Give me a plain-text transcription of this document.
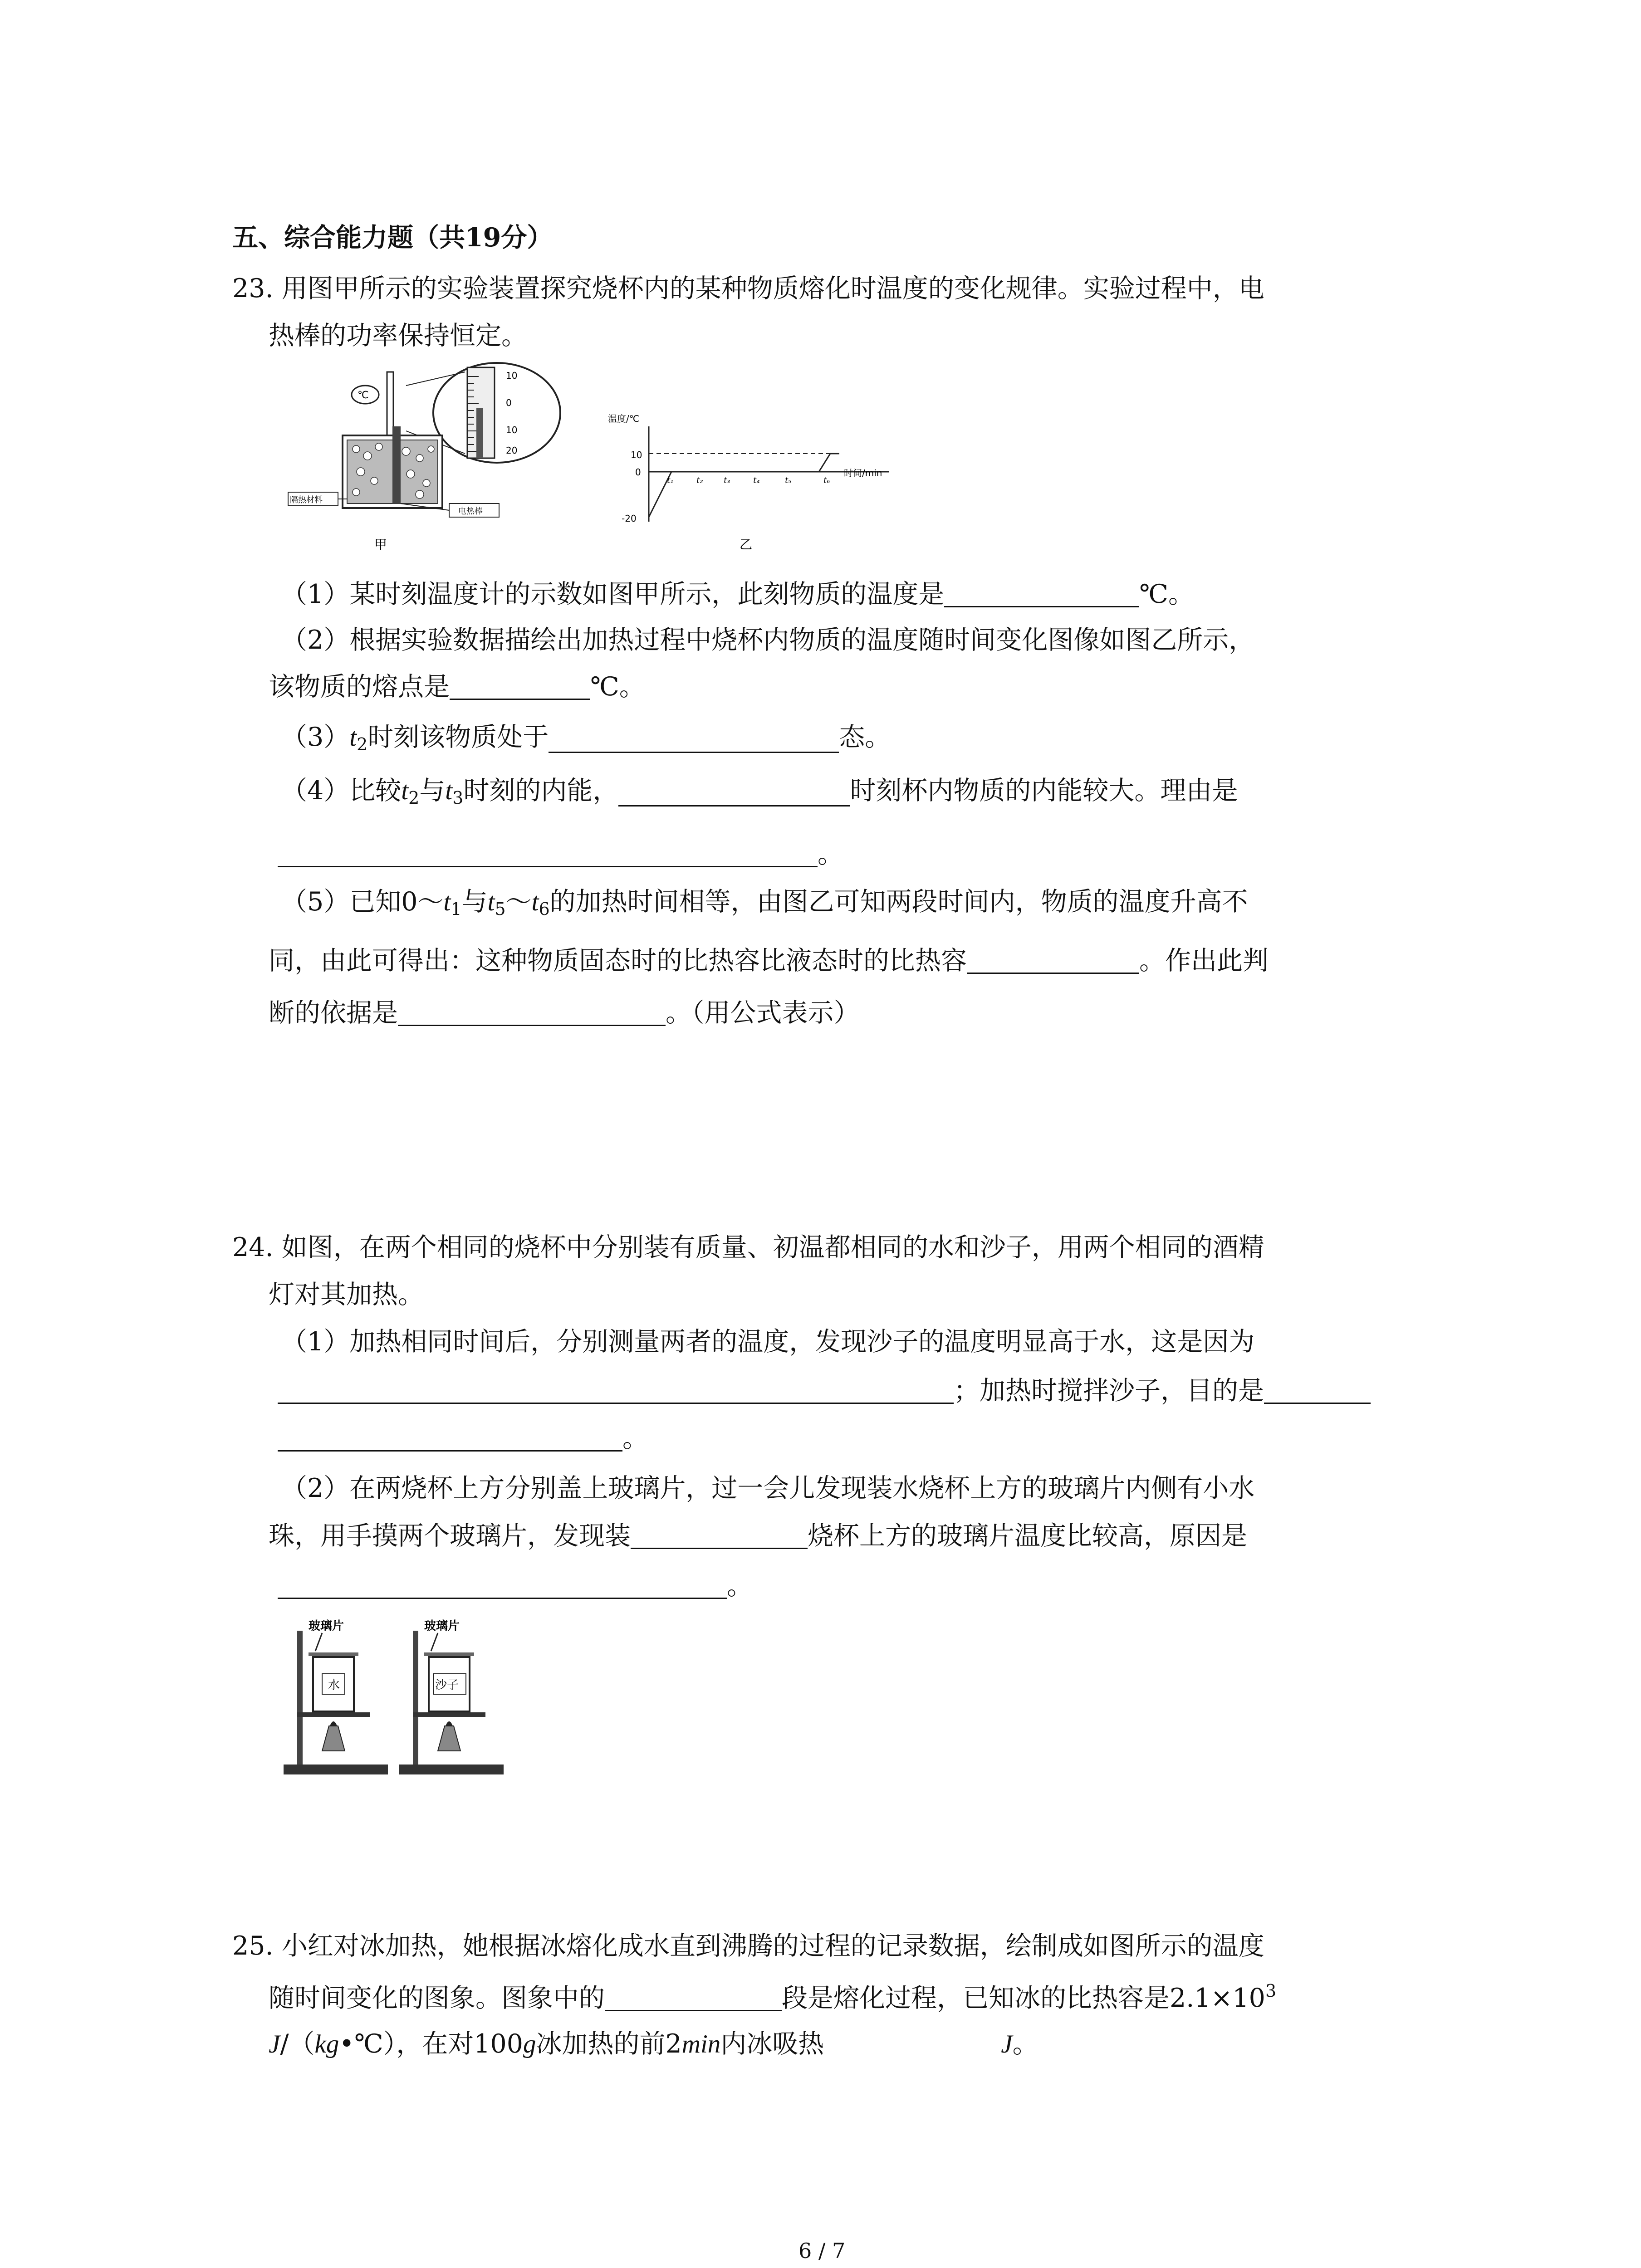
五、综合能力题（共19分）
23. 用图甲所示的实验装置探究烧杯内的某种物质熔化时温度的变化规律。实验过程中，电
热棒的功率保持恒定。
10
0
10
20
℃
隔热材料
电热棒
甲
温度/℃
10
0
-20
t₁	t₂	t₃	t₄	t₅	t₆
时间/min
乙
（1）某时刻温度计的示数如图甲所示，此刻物质的温度是	℃。
（2）根据实验数据描绘出加热过程中烧杯内物质的温度随时间变化图像如图乙所示，
该物质的熔点是	℃。
$(3)t_2$时刻该物质处于	态。
（4）比较$t_2$与$t_3$时刻的内能，	时刻杯内物质的内能较大。理由是
。
（5）已知$0\sim t_1$与$t_5\sim t_6$的加热时间相等，由图乙可知两段时间内，物质的温度升高不
同，由此可得出：这种物质固态时的比热容比液态时的比热容	。作出此判
断的依据是	。（用公式表示）
24. 如图，在两个相同的烧杯中分别装有质量、初温都相同的水和沙子，用两个相同的酒精
灯对其加热。
（1）加热相同时间后，分别测量两者的温度，发现沙子的温度明显高于水，这是因为
；加热时搅拌沙子，目的是
。
（2）在两烧杯上方分别盖上玻璃片，过一会儿发现装水烧杯上方的玻璃片内侧有小水
珠，用手摸两个玻璃片，发现装	烧杯上方的玻璃片温度比较高，原因是
。
玻璃片
水
玻璃片
沙子
25. 小红对冰加热，她根据冰熔化成水直到沸腾的过程的记录数据，绘制成如图所示的温度
随时间变化的图象。图象中的	段是熔化过程，已知冰的比热容是$2.1\times 10^3$
J/（kg•℃），在对100g冰加热的前2min内冰吸热	J。
6 / 7
